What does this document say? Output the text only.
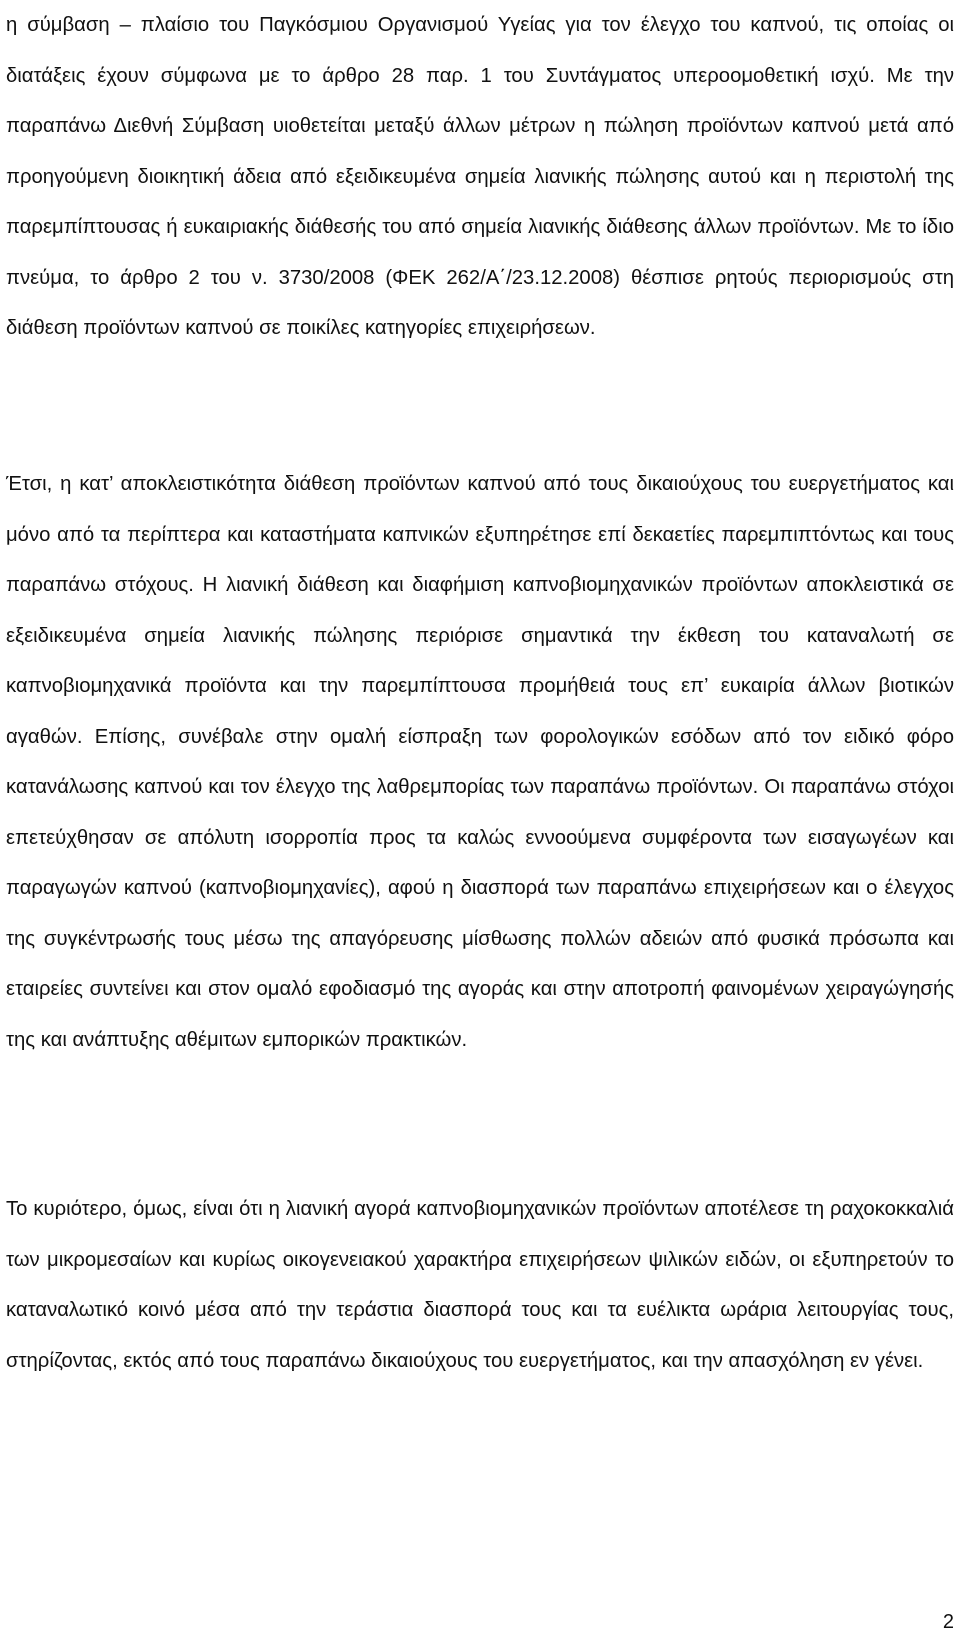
η σύμβαση – πλαίσιο του Παγκόσμιου Οργανισμού Υγείας για τον έλεγχο του καπνού, τις οποίας οι διατάξεις έχουν σύμφωνα με το άρθρο 28 παρ. 1 του Συντάγματος υπεροομοθετική ισχύ. Με την παραπάνω Διεθνή Σύμβαση υιοθετείται μεταξύ άλλων μέτρων η πώληση προϊόντων καπνού μετά από προηγούμενη διοικητική άδεια από εξειδικευμένα σημεία λιανικής πώλησης αυτού και η περιστολή της παρεμπίπτουσας ή ευκαιριακής διάθεσής του από σημεία λιανικής διάθεσης άλλων προϊόντων. Με το ίδιο πνεύμα, το άρθρο 2 του ν. 3730/2008 (ΦΕΚ 262/Α΄/23.12.2008) θέσπισε ρητούς περιορισμούς στη διάθεση προϊόντων καπνού σε ποικίλες κατηγορίες επιχειρήσεων.

Έτσι, η κατ’ αποκλειστικότητα διάθεση προϊόντων καπνού από τους δικαιούχους του ευεργετήματος και μόνο από τα περίπτερα και καταστήματα καπνικών εξυπηρέτησε επί δεκαετίες παρεμπιπτόντως και τους παραπάνω στόχους. Η λιανική διάθεση και διαφήμιση καπνοβιομηχανικών προϊόντων αποκλειστικά σε εξειδικευμένα σημεία λιανικής πώλησης περιόρισε σημαντικά την έκθεση του καταναλωτή σε καπνοβιομηχανικά προϊόντα και την παρεμπίπτουσα προμήθειά τους επ’ ευκαιρία άλλων βιοτικών αγαθών. Επίσης, συνέβαλε στην ομαλή είσπραξη των φορολογικών εσόδων από τον ειδικό φόρο κατανάλωσης καπνού και τον έλεγχο της λαθρεμπορίας των παραπάνω προϊόντων. Οι παραπάνω στόχοι επετεύχθησαν σε απόλυτη ισορροπία προς τα καλώς εννοούμενα συμφέροντα των εισαγωγέων και παραγωγών καπνού (καπνοβιομηχανίες), αφού η διασπορά των παραπάνω επιχειρήσεων και ο έλεγχος της συγκέντρωσής τους μέσω της απαγόρευσης μίσθωσης πολλών αδειών από φυσικά πρόσωπα και εταιρείες συντείνει και στον ομαλό εφοδιασμό της αγοράς και στην αποτροπή φαινομένων χειραγώγησής της και ανάπτυξης αθέμιτων εμπορικών πρακτικών.

Το κυριότερο, όμως, είναι ότι η λιανική αγορά καπνοβιομηχανικών προϊόντων αποτέλεσε τη ραχοκοκκαλιά των μικρομεσαίων και κυρίως οικογενειακού χαρακτήρα επιχειρήσεων ψιλικών ειδών, οι εξυπηρετούν το καταναλωτικό κοινό μέσα από την τεράστια διασπορά τους και τα ευέλικτα ωράρια λειτουργίας τους, στηρίζοντας, εκτός από τους παραπάνω δικαιούχους του ευεργετήματος, και την απασχόληση εν γένει.

2
